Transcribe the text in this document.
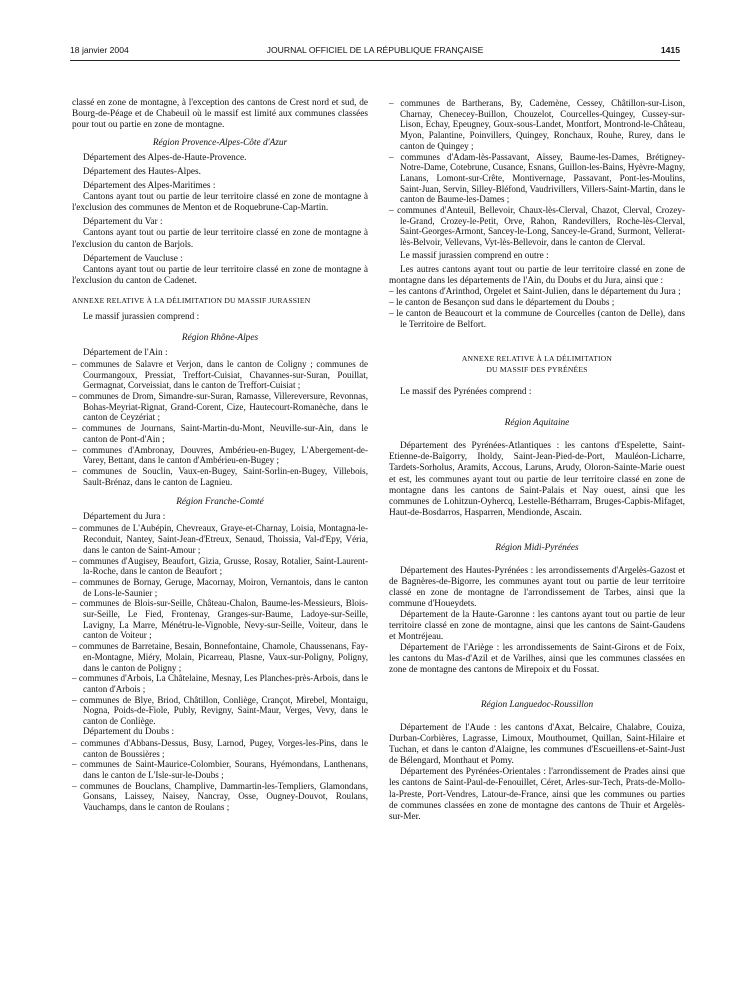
18 janvier 2004	JOURNAL OFFICIEL DE LA RÉPUBLIQUE FRANÇAISE	1415

classé en zone de montagne, à l'exception des cantons de Crest nord et sud, de Bourg-de-Péage et de Chabeuil où le massif est limité aux communes classées pour tout ou partie en zone de montagne.

Région Provence-Alpes-Côte d'Azur

Département des Alpes-de-Haute-Provence.

Département des Hautes-Alpes.

Département des Alpes-Maritimes :

Cantons ayant tout ou partie de leur territoire classé en zone de montagne à l'exclusion des communes de Menton et de Roquebrune-Cap-Martin.

Département du Var :

Cantons ayant tout ou partie de leur territoire classé en zone de montagne à l'exclusion du canton de Barjols.

Département de Vaucluse :

Cantons ayant tout ou partie de leur territoire classé en zone de montagne à l'exclusion du canton de Cadenet.

ANNEXE RELATIVE À LA DÉLIMITATION DU MASSIF JURASSIEN

Le massif jurassien comprend :

Région Rhône-Alpes

Département de l'Ain :

– communes de Salavre et Verjon, dans le canton de Coligny ; communes de Courmangoux, Pressiat, Treffort-Cuisiat, Chavannes-sur-Suran, Pouillat, Germagnat, Corveissiat, dans le canton de Treffort-Cuisiat ;

– communes de Drom, Simandre-sur-Suran, Ramasse, Villereversure, Revonnas, Bohas-Meyriat-Rignat, Grand-Corent, Cize, Hautecourt-Romanèche, dans le canton de Ceyzériat ;

– communes de Journans, Saint-Martin-du-Mont, Neuville-sur-Ain, dans le canton de Pont-d'Ain ;

– communes d'Ambronay, Douvres, Ambérieu-en-Bugey, L'Abergement-de-Varey, Bettant, dans le canton d'Ambérieu-en-Bugey ;

– communes de Souclin, Vaux-en-Bugey, Saint-Sorlin-en-Bugey, Villebois, Sault-Brénaz, dans le canton de Lagnieu.

Région Franche-Comté

Département du Jura :

– communes de L'Aubépin, Chevreaux, Graye-et-Charnay, Loisia, Montagna-le-Reconduit, Nantey, Saint-Jean-d'Etreux, Senaud, Thoissia, Val-d'Epy, Véria, dans le canton de Saint-Amour ;

– communes d'Augisey, Beaufort, Gizia, Grusse, Rosay, Rotalier, Saint-Laurent-la-Roche, dans le canton de Beaufort ;

– communes de Bornay, Geruge, Macornay, Moiron, Vernantois, dans le canton de Lons-le-Saunier ;

– communes de Blois-sur-Seille, Château-Chalon, Baume-les-Messieurs, Blois-sur-Seille, Le Fied, Frontenay, Granges-sur-Baume, Ladoye-sur-Seille, Lavigny, La Marre, Ménétru-le-Vignoble, Nevy-sur-Seille, Voiteur, dans le canton de Voiteur ;

– communes de Barretaine, Besain, Bonnefontaine, Chamole, Chaussenans, Fay-en-Montagne, Miéry, Molain, Picarreau, Plasne, Vaux-sur-Poligny, Poligny, dans le canton de Poligny ;

– communes d'Arbois, La Châtelaine, Mesnay, Les Planches-près-Arbois, dans le canton d'Arbois ;

– communes de Blye, Briod, Châtillon, Conliège, Crançot, Mirebel, Montaigu, Nogna, Poids-de-Fiole, Publy, Revigny, Saint-Maur, Verges, Vevy, dans le canton de Conliège.

Département du Doubs :

– communes d'Abbans-Dessus, Busy, Larnod, Pugey, Vorges-les-Pins, dans le canton de Boussières ;

– communes de Saint-Maurice-Colombier, Sourans, Hyémondans, Lanthenans, dans le canton de L'Isle-sur-le-Doubs ;

– communes de Bouclans, Champlive, Dammartin-les-Templiers, Glamondans, Gonsans, Laissey, Naisey, Nancray, Osse, Ougney-Douvot, Roulans, Vauchamps, dans le canton de Roulans ;

– communes de Bartherans, By, Cademène, Cessey, Châtillon-sur-Lison, Charnay, Chenecey-Buillon, Chouzelot, Courcelles-Quingey, Cussey-sur-Lison, Echay, Epeugney, Goux-sous-Landet, Montfort, Montrond-le-Château, Myon, Palantine, Poinvillers, Quingey, Ronchaux, Rouhe, Rurey, dans le canton de Quingey ;

– communes d'Adam-lès-Passavant, Aïssey, Baume-les-Dames, Brétigney-Notre-Dame, Cotebrune, Cusance, Esnans, Guillon-les-Bains, Hyèvre-Magny, Lanans, Lomont-sur-Crête, Montivernage, Passavant, Pont-les-Moulins, Saint-Juan, Servin, Silley-Bléfond, Vaudrivillers, Villers-Saint-Martin, dans le canton de Baume-les-Dames ;

– communes d'Anteuil, Bellevoir, Chaux-lès-Clerval, Chazot, Clerval, Crozey-le-Grand, Crozey-le-Petit, Orve, Rahon, Randevillers, Roche-lès-Clerval, Saint-Georges-Armont, Sancey-le-Long, Sancey-le-Grand, Surmont, Vellerat-lès-Belvoir, Vellevans, Vyt-lès-Bellevoir, dans le canton de Clerval.

Le massif jurassien comprend en outre :

Les autres cantons ayant tout ou partie de leur territoire classé en zone de montagne dans les départements de l'Ain, du Doubs et du Jura, ainsi que :

– les cantons d'Arinthod, Orgelet et Saint-Julien, dans le département du Jura ;

– le canton de Besançon sud dans le département du Doubs ;

– le canton de Beaucourt et la commune de Courcelles (canton de Delle), dans le Territoire de Belfort.

ANNEXE RELATIVE À LA DÉLIMITATION

DU MASSIF DES PYRÉNÉES

Le massif des Pyrénées comprend :

Région Aquitaine

Département des Pyrénées-Atlantiques : les cantons d'Espelette, Saint-Etienne-de-Baïgorry, Iholdy, Saint-Jean-Pied-de-Port, Mauléon-Licharre, Tardets-Sorholus, Aramits, Accous, Laruns, Arudy, Oloron-Sainte-Marie ouest et est, les communes ayant tout ou partie de leur territoire classé en zone de montagne dans les cantons de Saint-Palais et Nay ouest, ainsi que les communes de Lohitzun-Oyhercq, Lestelle-Bétharram, Bruges-Capbis-Mifaget, Haut-de-Bosdarros, Hasparren, Mendionde, Ascain.

Région Midi-Pyrénées

Département des Hautes-Pyrénées : les arrondissements d'Argelès-Gazost et de Bagnères-de-Bigorre, les communes ayant tout ou partie de leur territoire classé en zone de montagne de l'arrondissement de Tarbes, ainsi que la commune d'Houeydets.

Département de la Haute-Garonne : les cantons ayant tout ou partie de leur territoire classé en zone de montagne, ainsi que les cantons de Saint-Gaudens et Montréjeau.

Département de l'Ariège : les arrondissements de Saint-Girons et de Foix, les cantons du Mas-d'Azil et de Varilhes, ainsi que les communes classées en zone de montagne des cantons de Mirepoix et du Fossat.

Région Languedoc-Roussillon

Département de l'Aude : les cantons d'Axat, Belcaire, Chalabre, Couiza, Durban-Corbières, Lagrasse, Limoux, Mouthoumet, Quillan, Saint-Hilaire et Tuchan, et dans le canton d'Alaigne, les communes d'Escueillens-et-Saint-Just de Bélengard, Monthaut et Pomy.

Département des Pyrénées-Orientales : l'arrondissement de Prades ainsi que les cantons de Saint-Paul-de-Fenouillet, Céret, Arles-sur-Tech, Prats-de-Mollo-la-Preste, Port-Vendres, Latour-de-France, ainsi que les communes ou parties de communes classées en zone de montagne des cantons de Thuir et Argelès-sur-Mer.
